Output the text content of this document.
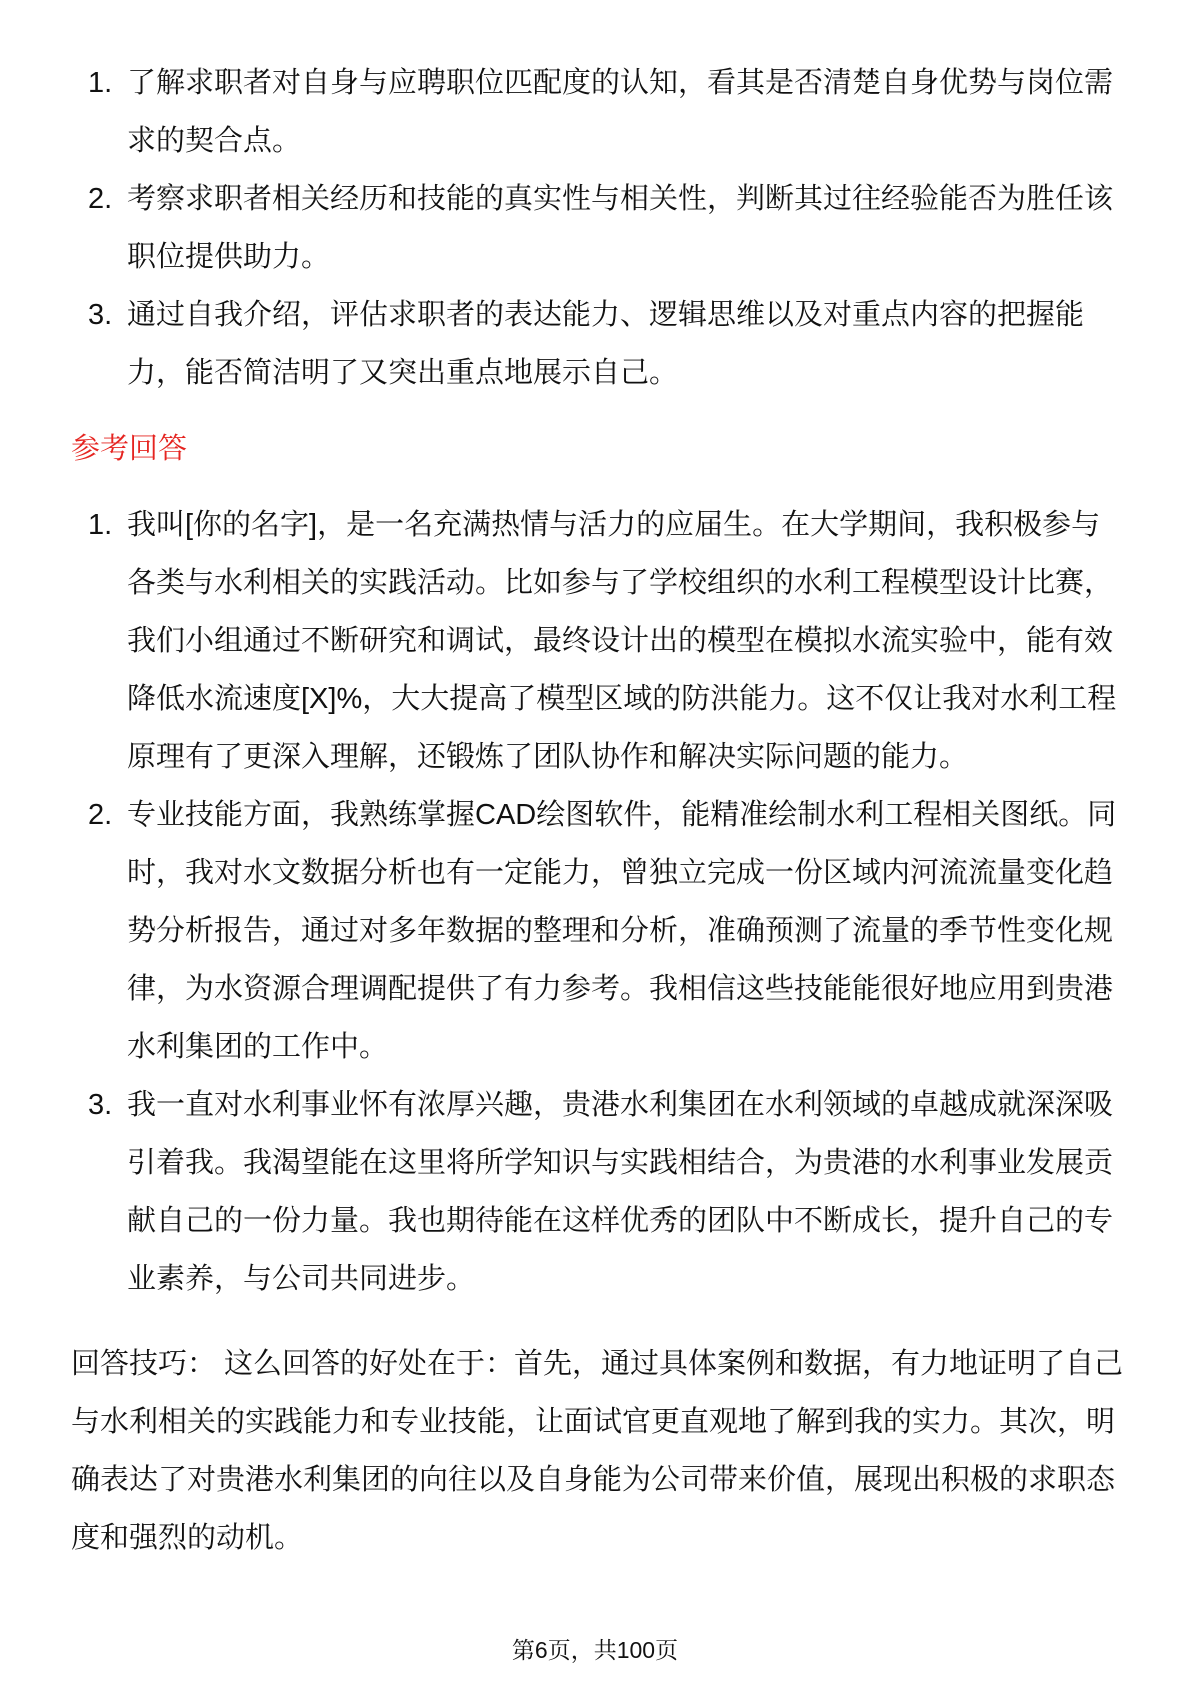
1. 了解求职者对自身与应聘职位匹配度的认知，看其是否清楚自身优势与岗位需
求的契合点。
2. 考察求职者相关经历和技能的真实性与相关性，判断其过往经验能否为胜任该
职位提供助力。
3. 通过自我介绍，评估求职者的表达能力、逻辑思维以及对重点内容的把握能
力，能否简洁明了又突出重点地展示自己。
参考回答
1. 我叫[你的名字]，是一名充满热情与活力的应届生。在大学期间，我积极参与
各类与水利相关的实践活动。比如参与了学校组织的水利工程模型设计比赛，
我们小组通过不断研究和调试，最终设计出的模型在模拟水流实验中，能有效
降低水流速度[X]%，大大提高了模型区域的防洪能力。这不仅让我对水利工程
原理有了更深入理解，还锻炼了团队协作和解决实际问题的能力。
2. 专业技能方面，我熟练掌握CAD绘图软件，能精准绘制水利工程相关图纸。同
时，我对水文数据分析也有一定能力，曾独立完成一份区域内河流流量变化趋
势分析报告，通过对多年数据的整理和分析，准确预测了流量的季节性变化规
律，为水资源合理调配提供了有力参考。我相信这些技能能很好地应用到贵港
水利集团的工作中。
3. 我一直对水利事业怀有浓厚兴趣，贵港水利集团在水利领域的卓越成就深深吸
引着我。我渴望能在这里将所学知识与实践相结合，为贵港的水利事业发展贡
献自己的一份力量。我也期待能在这样优秀的团队中不断成长，提升自己的专
业素养，与公司共同进步。
回答技巧： 这么回答的好处在于：首先，通过具体案例和数据，有力地证明了自己
与水利相关的实践能力和专业技能，让面试官更直观地了解到我的实力。其次，明
确表达了对贵港水利集团的向往以及自身能为公司带来价值，展现出积极的求职态
度和强烈的动机。
第6页，共100页
